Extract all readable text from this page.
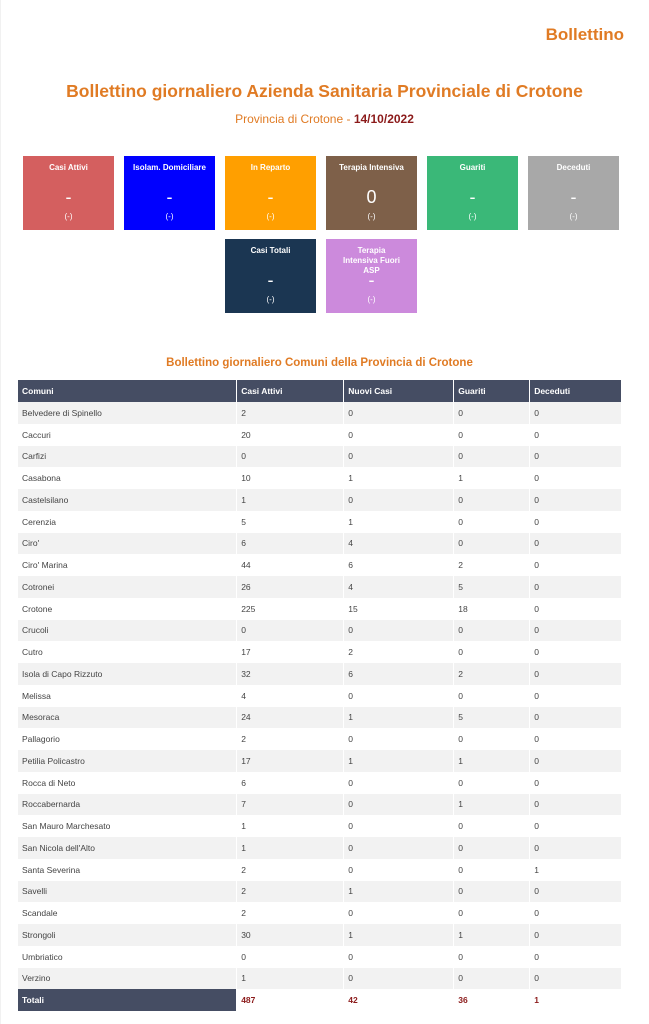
Bollettino
Bollettino giornaliero Azienda Sanitaria Provinciale di Crotone
Provincia di Crotone - 14/10/2022
Casi Attivi
-
(-)
Isolam. Domiciliare
-
(-)
In Reparto
-
(-)
Terapia Intensiva
0
(-)
Guariti
-
(-)
Deceduti
-
(-)
Casi Totali
-
(-)
Terapia Intensiva Fuori ASP
-
(-)
Bollettino giornaliero Comuni della Provincia di Crotone
Comuni	Casi Attivi	Nuovi Casi	Guariti	Deceduti
Belvedere di Spinello	2	0	0	0
Caccuri	20	0	0	0
Carfizi	0	0	0	0
Casabona	10	1	1	0
Castelsilano	1	0	0	0
Cerenzia	5	1	0	0
Ciro'	6	4	0	0
Ciro' Marina	44	6	2	0
Cotronei	26	4	5	0
Crotone	225	15	18	0
Crucoli	0	0	0	0
Cutro	17	2	0	0
Isola di Capo Rizzuto	32	6	2	0
Melissa	4	0	0	0
Mesoraca	24	1	5	0
Pallagorio	2	0	0	0
Petilia Policastro	17	1	1	0
Rocca di Neto	6	0	0	0
Roccabernarda	7	0	1	0
San Mauro Marchesato	1	0	0	0
San Nicola dell'Alto	1	0	0	0
Santa Severina	2	0	0	1
Savelli	2	1	0	0
Scandale	2	0	0	0
Strongoli	30	1	1	0
Umbriatico	0	0	0	0
Verzino	1	0	0	0
Totali	487	42	36	1
